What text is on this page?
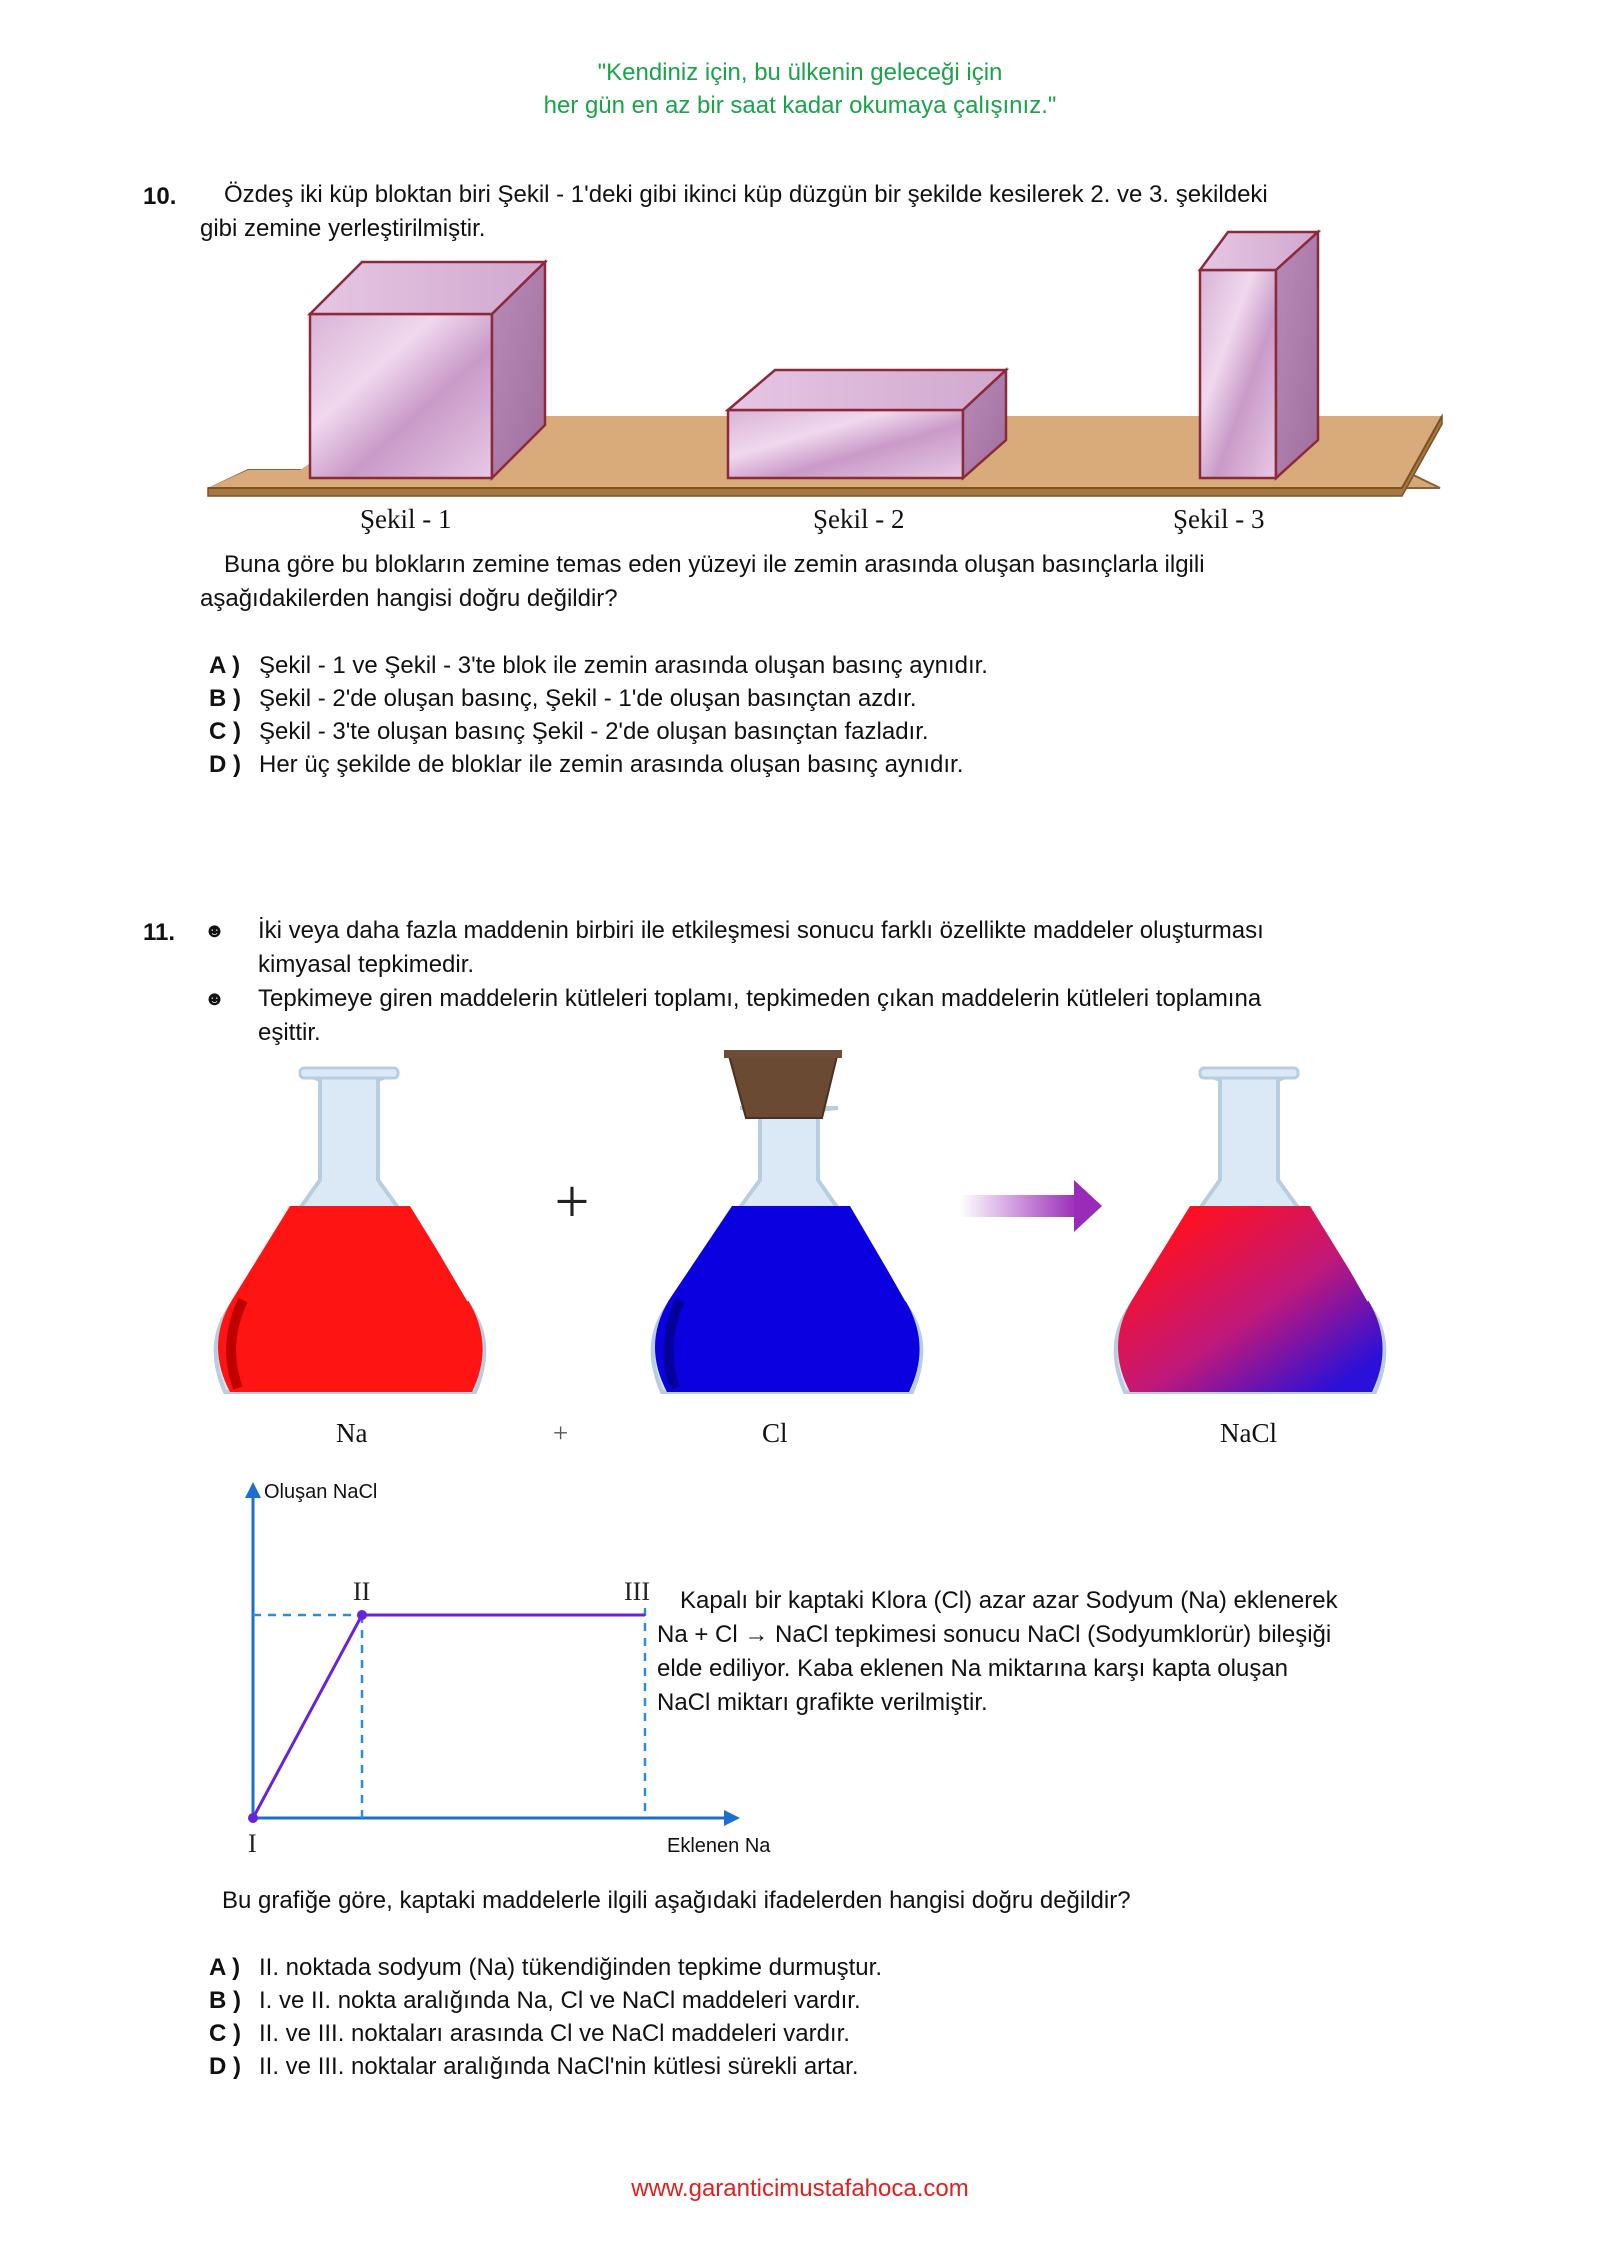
"Kendiniz için, bu ülkenin geleceği için
her gün en az bir saat kadar okumaya çalışınız."
10. Özdeş iki küp bloktan biri Şekil - 1'deki gibi ikinci küp düzgün bir şekilde kesilerek 2. ve 3. şekildeki
gibi zemine yerleştirilmiştir.
Şekil - 1	Şekil - 2	Şekil - 3
Buna göre bu blokların zemine temas eden yüzeyi ile zemin arasında oluşan basınçlarla ilgili
aşağıdakilerden hangisi doğru değildir?
A ) Şekil - 1 ve Şekil - 3'te blok ile zemin arasında oluşan basınç aynıdır.
B ) Şekil - 2'de oluşan basınç, Şekil - 1'de oluşan basınçtan azdır.
C ) Şekil - 3'te oluşan basınç Şekil - 2'de oluşan basınçtan fazladır.
D ) Her üç şekilde de bloklar ile zemin arasında oluşan basınç aynıdır.
11. ☻ İki veya daha fazla maddenin birbiri ile etkileşmesi sonucu farklı özellikte maddeler oluşturması
kimyasal tepkimedir.
☻ Tepkimeye giren maddelerin kütleleri toplamı, tepkimeden çıkan maddelerin kütleleri toplamına
eşittir.
+
Na	+	Cl	NaCl
Oluşan NaCl
Eklenen Na
I
II	III Kapalı bir kaptaki Klora (Cl) azar azar Sodyum (Na) eklenerek
Na + Cl → NaCl tepkimesi sonucu NaCl (Sodyumklorür) bileşiği
elde ediliyor. Kaba eklenen Na miktarına karşı kapta oluşan
NaCl miktarı grafikte verilmiştir.
Bu grafiğe göre, kaptaki maddelerle ilgili aşağıdaki ifadelerden hangisi doğru değildir?
A ) II. noktada sodyum (Na) tükendiğinden tepkime durmuştur.
B ) I. ve II. nokta aralığında Na, Cl ve NaCl maddeleri vardır.
C ) II. ve III. noktaları arasında Cl ve NaCl maddeleri vardır.
D ) II. ve III. noktalar aralığında NaCl'nin kütlesi sürekli artar.
www.garanticimustafahoca.com
